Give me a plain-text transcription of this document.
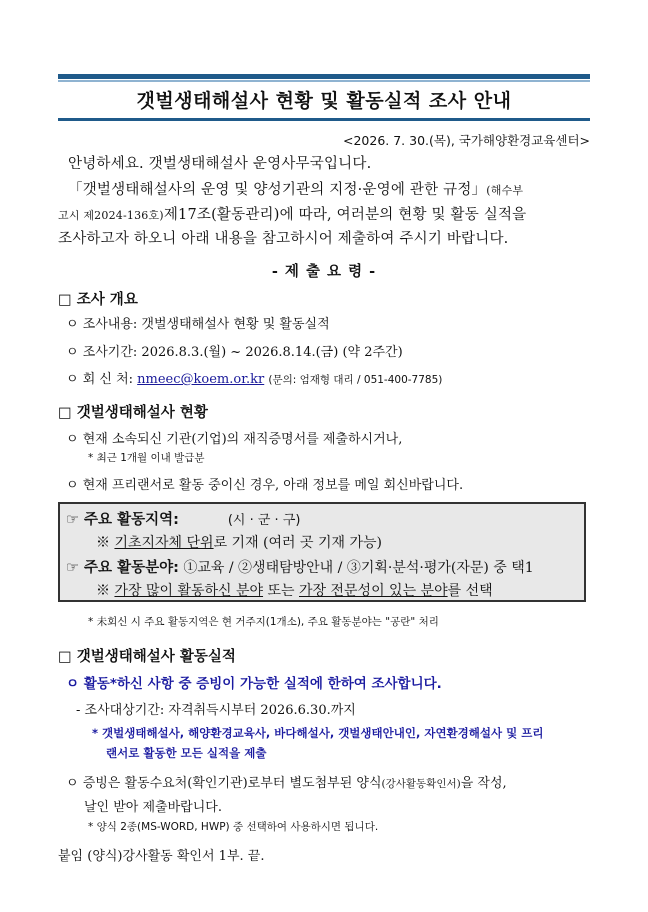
갯벌생태해설사 현황 및 활동실적 조사 안내
<2026. 7. 30.(목), 국가해양환경교육센터>
안녕하세요. 갯벌생태해설사 운영사무국입니다.
「갯벌생태해설사의 운영 및 양성기관의 지정·운영에 관한 규정」(해수부
고시 제2024-136호)제17조(활동관리)에 따라, 여러분의 현황 및 활동 실적을
조사하고자 하오니 아래 내용을 참고하시어 제출하여 주시기 바랍니다.
- 제 출 요 령 -
□ 조사 개요
ㅇ 조사내용: 갯벌생태해설사 현황 및 활동실적
ㅇ 조사기간: 2026.8.3.(월) ~ 2026.8.14.(금) (약 2주간)
ㅇ 회 신 처: nmeec@koem.or.kr (문의: 엄재형 대리 / 051-400-7785)
□ 갯벌생태해설사 현황
ㅇ 현재 소속되신 기관(기업)의 재직증명서를 제출하시거나,
* 최근 1개월 이내 발급분
ㅇ 현재 프리랜서로 활동 중이신 경우, 아래 정보를 메일 회신바랍니다.
☞ 주요 활동지역:	(시 · 군 · 구)
※ 기초지자체 단위로 기재 (여러 곳 기재 가능)
☞ 주요 활동분야: ①교육 / ②생태탐방안내 / ③기획·분석·평가(자문) 중 택1
※ 가장 많이 활동하신 분야 또는 가장 전문성이 있는 분야를 선택
* 未회신 시 주요 활동지역은 현 거주지(1개소), 주요 활동분야는 "공란" 처리
□ 갯벌생태해설사 활동실적
ㅇ 활동*하신 사항 중 증빙이 가능한 실적에 한하여 조사합니다.
- 조사대상기간: 자격취득시부터 2026.6.30.까지
* 갯벌생태해설사, 해양환경교육사, 바다해설사, 갯벌생태안내인, 자연환경해설사 및 프리
랜서로 활동한 모든 실적을 제출
ㅇ 증빙은 활동수요처(확인기관)로부터 별도첨부된 양식(강사활동확인서)을 작성,
날인 받아 제출바랍니다.
* 양식 2종(MS-WORD, HWP) 중 선택하여 사용하시면 됩니다.
붙임 (양식)강사활동 확인서 1부. 끝.
